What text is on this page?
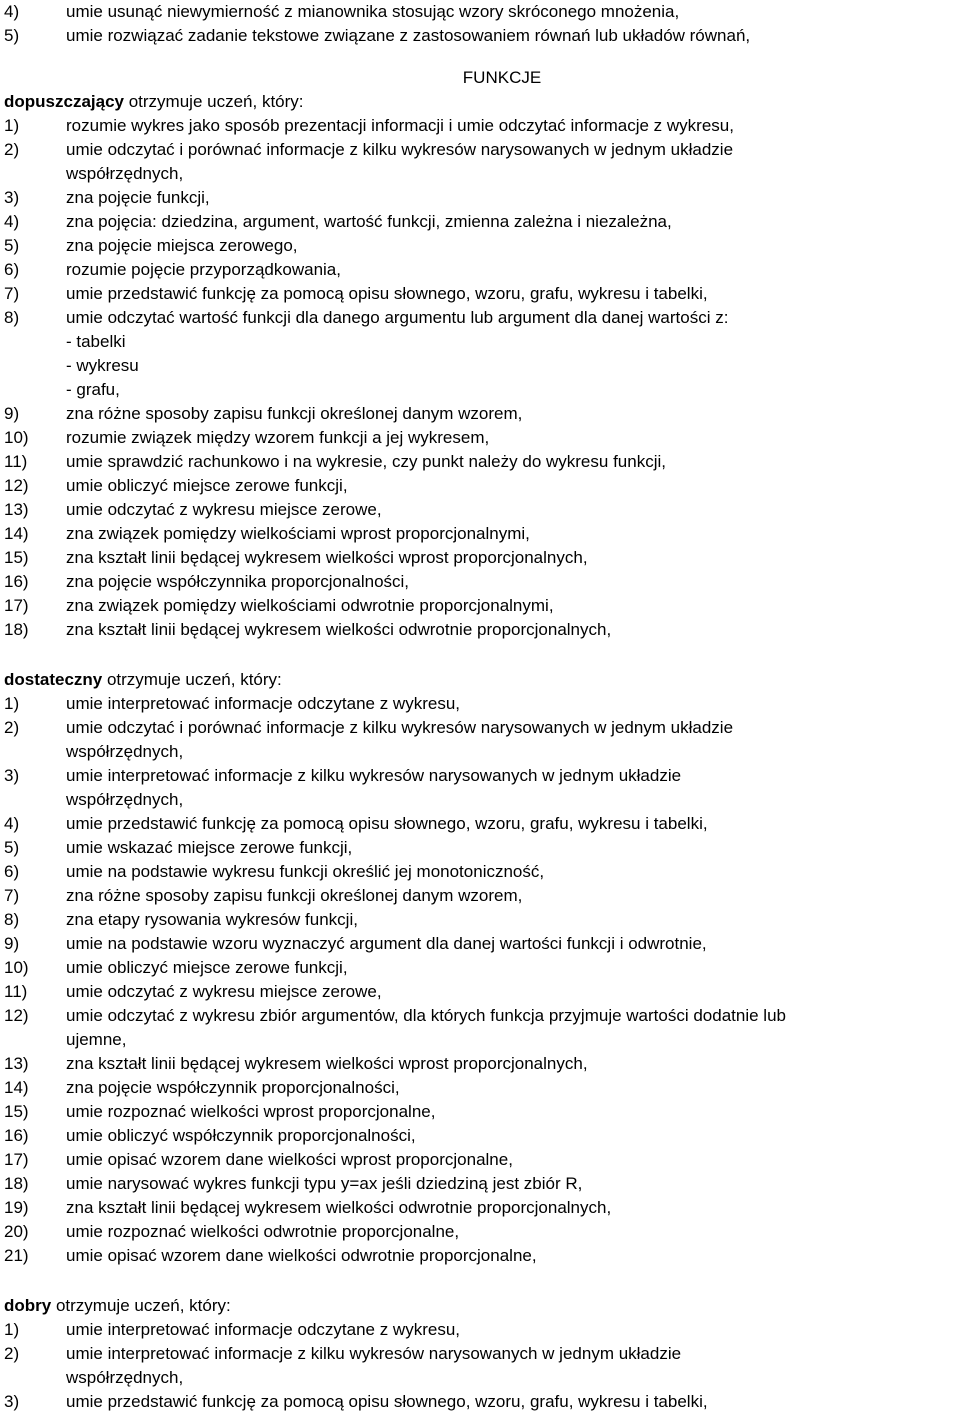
4)	umie usunąć niewymierność z mianownika stosując wzory skróconego mnożenia,
5)	umie rozwiązać zadanie tekstowe związane z zastosowaniem równań lub układów równań,
FUNKCJE
dopuszczający otrzymuje uczeń, który:
1)	rozumie wykres jako sposób prezentacji informacji i umie odczytać informacje z wykresu,
2)	umie odczytać i porównać informacje z kilku wykresów narysowanych w jednym układzie
współrzędnych,
3)	zna pojęcie funkcji,
4)	zna pojęcia: dziedzina, argument, wartość funkcji, zmienna zależna i niezależna,
5)	zna pojęcie miejsca zerowego,
6)	rozumie pojęcie przyporządkowania,
7)	umie przedstawić funkcję za pomocą opisu słownego, wzoru, grafu, wykresu i tabelki,
8)	umie odczytać wartość funkcji dla danego argumentu lub argument dla danej wartości z:
- tabelki
- wykresu
- grafu,
9)	zna różne sposoby zapisu funkcji określonej danym wzorem,
10)	rozumie związek między wzorem funkcji a jej wykresem,
11)	umie sprawdzić rachunkowo i na wykresie, czy punkt należy do wykresu funkcji,
12)	umie obliczyć miejsce zerowe funkcji,
13)	umie odczytać z wykresu miejsce zerowe,
14)	zna związek pomiędzy wielkościami wprost proporcjonalnymi,
15)	zna kształt linii będącej wykresem wielkości wprost proporcjonalnych,
16)	zna pojęcie współczynnika proporcjonalności,
17)	zna związek pomiędzy wielkościami odwrotnie proporcjonalnymi,
18)	zna kształt linii będącej wykresem wielkości odwrotnie proporcjonalnych,
dostateczny otrzymuje uczeń, który:
1)	umie interpretować informacje odczytane z wykresu,
2)	umie odczytać i porównać informacje z kilku wykresów narysowanych w jednym układzie
współrzędnych,
3)	umie interpretować informacje z kilku wykresów narysowanych w jednym układzie
współrzędnych,
4)	umie przedstawić funkcję za pomocą opisu słownego, wzoru, grafu, wykresu i tabelki,
5)	umie wskazać miejsce zerowe funkcji,
6)	umie na podstawie wykresu funkcji określić jej monotoniczność,
7)	zna różne sposoby zapisu funkcji określonej danym wzorem,
8)	zna etapy rysowania wykresów funkcji,
9)	umie na podstawie wzoru wyznaczyć argument dla danej wartości funkcji i odwrotnie,
10)	umie obliczyć miejsce zerowe funkcji,
11)	umie odczytać z wykresu miejsce zerowe,
12)	umie odczytać z wykresu zbiór argumentów, dla których funkcja przyjmuje wartości dodatnie lub
ujemne,
13)	zna kształt linii będącej wykresem wielkości wprost proporcjonalnych,
14)	zna pojęcie współczynnik proporcjonalności,
15)	umie rozpoznać wielkości wprost proporcjonalne,
16)	umie obliczyć współczynnik proporcjonalności,
17)	umie opisać wzorem dane wielkości wprost proporcjonalne,
18)	umie narysować wykres funkcji typu y=ax jeśli dziedziną jest zbiór R,
19)	zna kształt linii będącej wykresem wielkości odwrotnie proporcjonalnych,
20)	umie rozpoznać wielkości odwrotnie proporcjonalne,
21)	umie opisać wzorem dane wielkości odwrotnie proporcjonalne,
dobry otrzymuje uczeń, który:
1)	umie interpretować informacje odczytane z wykresu,
2)	umie interpretować informacje z kilku wykresów narysowanych w jednym układzie
współrzędnych,
3)	umie przedstawić funkcję za pomocą opisu słownego, wzoru, grafu, wykresu i tabelki,
